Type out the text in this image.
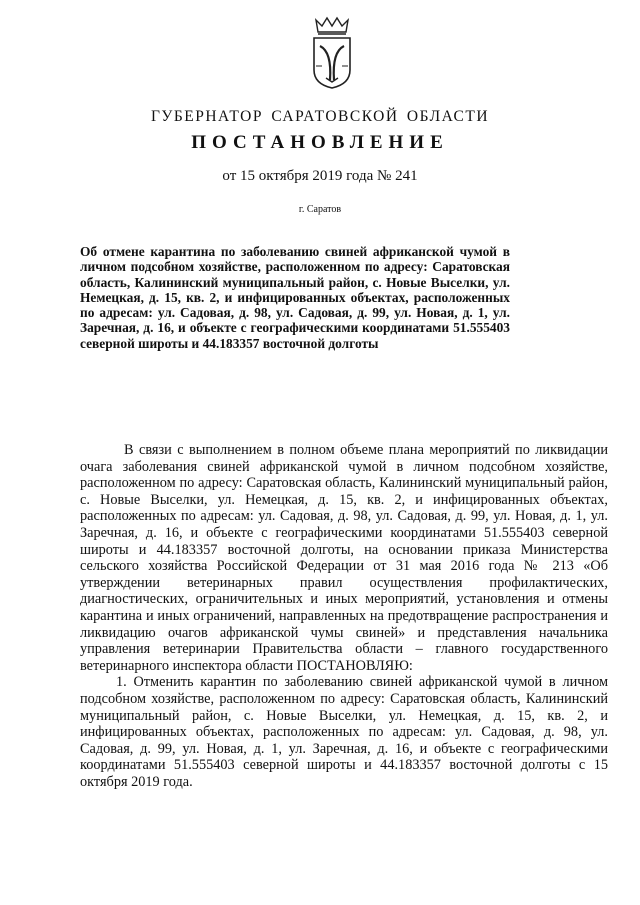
ГУБЕРНАТОР САРАТОВСКОЙ ОБЛАСТИ
ПОСТАНОВЛЕНИЕ
от 15 октября 2019 года № 241
г. Саратов
Об отмене карантина по заболеванию свиней африканской чумой в личном подсобном хозяйстве, расположенном по адресу: Саратовская область, Калининский муниципальный район, с. Новые Выселки, ул. Немецкая, д. 15, кв. 2, и инфицированных объектах, расположенных по адресам: ул. Садовая, д. 98, ул. Садовая, д. 99, ул. Новая, д. 1, ул. Заречная, д. 16, и объекте с географическими координатами 51.555403 северной широты и 44.183357 восточной долготы

В связи с выполнением в полном объеме плана мероприятий по ликвидации очага заболевания свиней африканской чумой в личном подсобном хозяйстве, расположенном по адресу: Саратовская область, Калининский муниципальный район, с. Новые Выселки, ул. Немецкая, д. 15, кв. 2, и инфицированных объектах, расположенных по адресам: ул. Садовая, д. 98, ул. Садовая, д. 99, ул. Новая, д. 1, ул. Заречная, д. 16, и объекте с географическими координатами 51.555403 северной широты и 44.183357 восточной долготы, на основании приказа Министерства сельского хозяйства Российской Федерации от 31 мая 2016 года № 213 «Об утверждении ветеринарных правил осуществления профилактических, диагностических, ограничительных и иных мероприятий, установления и отмены карантина и иных ограничений, направленных на предотвращение распространения и ликвидацию очагов африканской чумы свиней» и представления начальника управления ветеринарии Правительства области – главного государственного ветеринарного инспектора области ПОСТАНОВЛЯЮ:

1. Отменить карантин по заболеванию свиней африканской чумой в личном подсобном хозяйстве, расположенном по адресу: Саратовская область, Калининский муниципальный район, с. Новые Выселки, ул. Немецкая, д. 15, кв. 2, и инфицированных объектах, расположенных по адресам: ул. Садовая, д. 98, ул. Садовая, д. 99, ул. Новая, д. 1, ул. Заречная, д. 16, и объекте с географическими координатами 51.555403 северной широты и 44.183357 восточной долготы с 15 октября 2019 года.
